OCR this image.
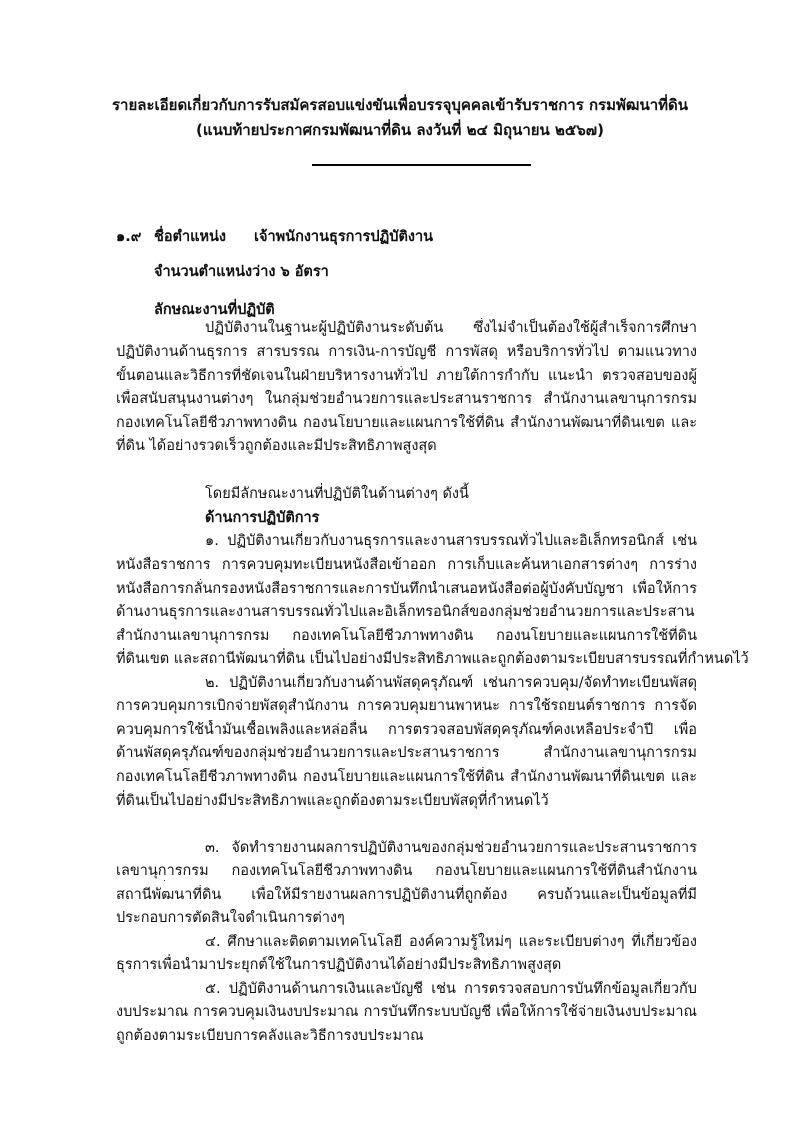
รายละเอียดเกี่ยวกับการรับสมัครสอบแข่งขันเพื่อบรรจุบุคคลเข้ารับราชการ กรมพัฒนาที่ดิน
(แนบท้ายประกาศกรมพัฒนาที่ดิน ลงวันที่ ๒๔ มิถุนายน ๒๕๖๗)
๑.๙ ชื่อตำแหน่ง เจ้าพนักงานธุรการปฏิบัติงาน
จำนวนตำแหน่งว่าง ๖ อัตรา
ลักษณะงานที่ปฏิบัติ
ปฏิบัติงานในฐานะผู้ปฏิบัติงานระดับต้น ซึ่งไม่จำเป็นต้องใช้ผู้สำเร็จการศึกษา
ปฏิบัติงานด้านธุรการ สารบรรณ การเงิน-การบัญชี การพัสดุ หรือบริการทั่วไป ตามแนวทาง
ขั้นตอนและวิธีการที่ชัดเจนในฝ่ายบริหารงานทั่วไป ภายใต้การกำกับ แนะนำ ตรวจสอบของผู้
เพื่อสนับสนุนงานต่างๆ ในกลุ่มช่วยอำนวยการและประสานราชการ สำนักงานเลขานุการกรม
กองเทคโนโลยีชีวภาพทางดิน กองนโยบายและแผนการใช้ที่ดิน สำนักงานพัฒนาที่ดินเขต และ
ที่ดิน ได้อย่างรวดเร็วถูกต้องและมีประสิทธิภาพสูงสุด
โดยมีลักษณะงานที่ปฏิบัติในด้านต่างๆ ดังนี้
ด้านการปฏิบัติการ
๑. ปฏิบัติงานเกี่ยวกับงานธุรการและงานสารบรรณทั่วไปและอิเล็กทรอนิกส์ เช่น
หนังสือราชการ การควบคุมทะเบียนหนังสือเข้าออก การเก็บและค้นหาเอกสารต่างๆ การร่าง
หนังสือการกลั่นกรองหนังสือราชการและการบันทึกนำเสนอหนังสือต่อผู้บังคับบัญชา เพื่อให้การ
ด้านงานธุรการและงานสารบรรณทั่วไปและอิเล็กทรอนิกส์ของกลุ่มช่วยอำนวยการและประสาน
สำนักงานเลขานุการกรม กองเทคโนโลยีชีวภาพทางดิน กองนโยบายและแผนการใช้ที่ดิน
ที่ดินเขต และสถานีพัฒนาที่ดิน เป็นไปอย่างมีประสิทธิภาพและถูกต้องตามระเบียบสารบรรณที่กำหนดไว้
๒. ปฏิบัติงานเกี่ยวกับงานด้านพัสดุครุภัณฑ์ เช่นการควบคุม/จัดทำทะเบียนพัสดุ
การควบคุมการเบิกจ่ายพัสดุสำนักงาน การควบคุมยานพาหนะ การใช้รถยนต์ราชการ การจัด
ควบคุมการใช้น้ำมันเชื้อเพลิงและหล่อลื่น การตรวจสอบพัสดุครุภัณฑ์คงเหลือประจำปี เพื่อ
ด้านพัสดุครุภัณฑ์ของกลุ่มช่วยอำนวยการและประสานราชการ สำนักงานเลขานุการกรม
กองเทคโนโลยีชีวภาพทางดิน กองนโยบายและแผนการใช้ที่ดิน สำนักงานพัฒนาที่ดินเขต และ
ที่ดินเป็นไปอย่างมีประสิทธิภาพและถูกต้องตามระเบียบพัสดุที่กำหนดไว้
๓. จัดทำรายงานผลการปฏิบัติงานของกลุ่มช่วยอำนวยการและประสานราชการ
เลขานุการกรม กองเทคโนโลยีชีวภาพทางดิน กองนโยบายและแผนการใช้ที่ดินสำนักงาน
สถานีพัฒนาที่ดิน เพื่อให้มีรายงานผลการปฏิบัติงานที่ถูกต้อง ครบถ้วนและเป็นข้อมูลที่มี
ประกอบการตัดสินใจดำเนินการต่างๆ
๔. ศึกษาและติดตามเทคโนโลยี องค์ความรู้ใหม่ๆ และระเบียบต่างๆ ที่เกี่ยวข้อง
ธุรการเพื่อนำมาประยุกต์ใช้ในการปฏิบัติงานได้อย่างมีประสิทธิภาพสูงสุด
๕. ปฏิบัติงานด้านการเงินและบัญชี เช่น การตรวจสอบการบันทึกข้อมูลเกี่ยวกับ
งบประมาณ การควบคุมเงินงบประมาณ การบันทึกระบบบัญชี เพื่อให้การใช้จ่ายเงินงบประมาณ
ถูกต้องตามระเบียบการคลังและวิธีการงบประมาณ
